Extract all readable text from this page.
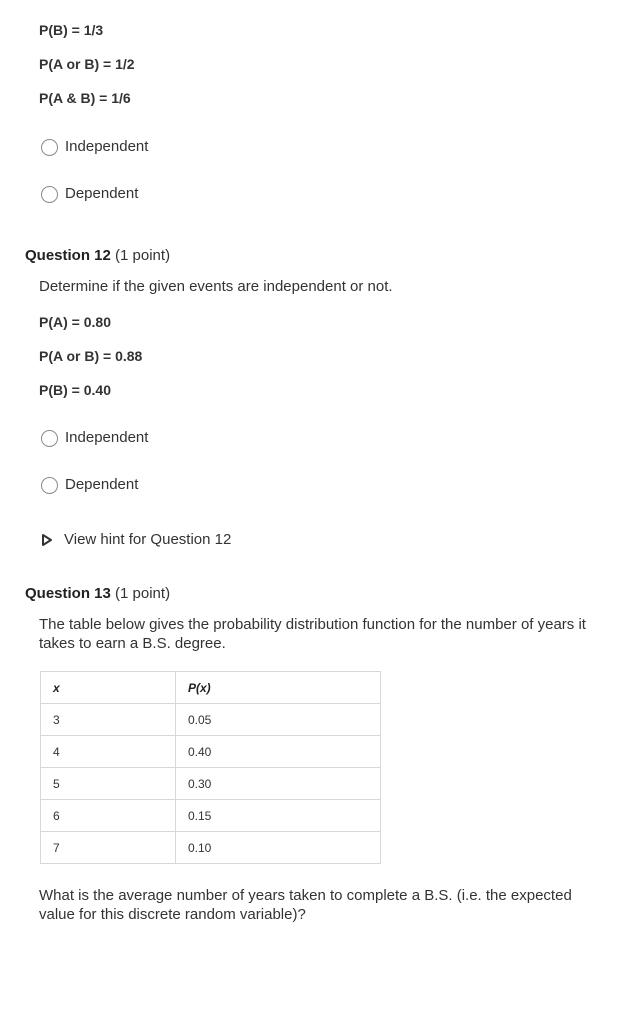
P(B) = 1/3
P(A or B) = 1/2
P(A & B) = 1/6
Independent
Dependent
Question 12 (1 point)
Determine if the given events are independent or not.
P(A) = 0.80
P(A or B) = 0.88
P(B) = 0.40
Independent
Dependent
View hint for Question 12
Question 13 (1 point)
The table below gives the probability distribution function for the number of years it takes to earn a B.S. degree.
x	P(x)
3	0.05
4	0.40
5	0.30
6	0.15
7	0.10
What is the average number of years taken to complete a B.S. (i.e. the expected value for this discrete random variable)?
